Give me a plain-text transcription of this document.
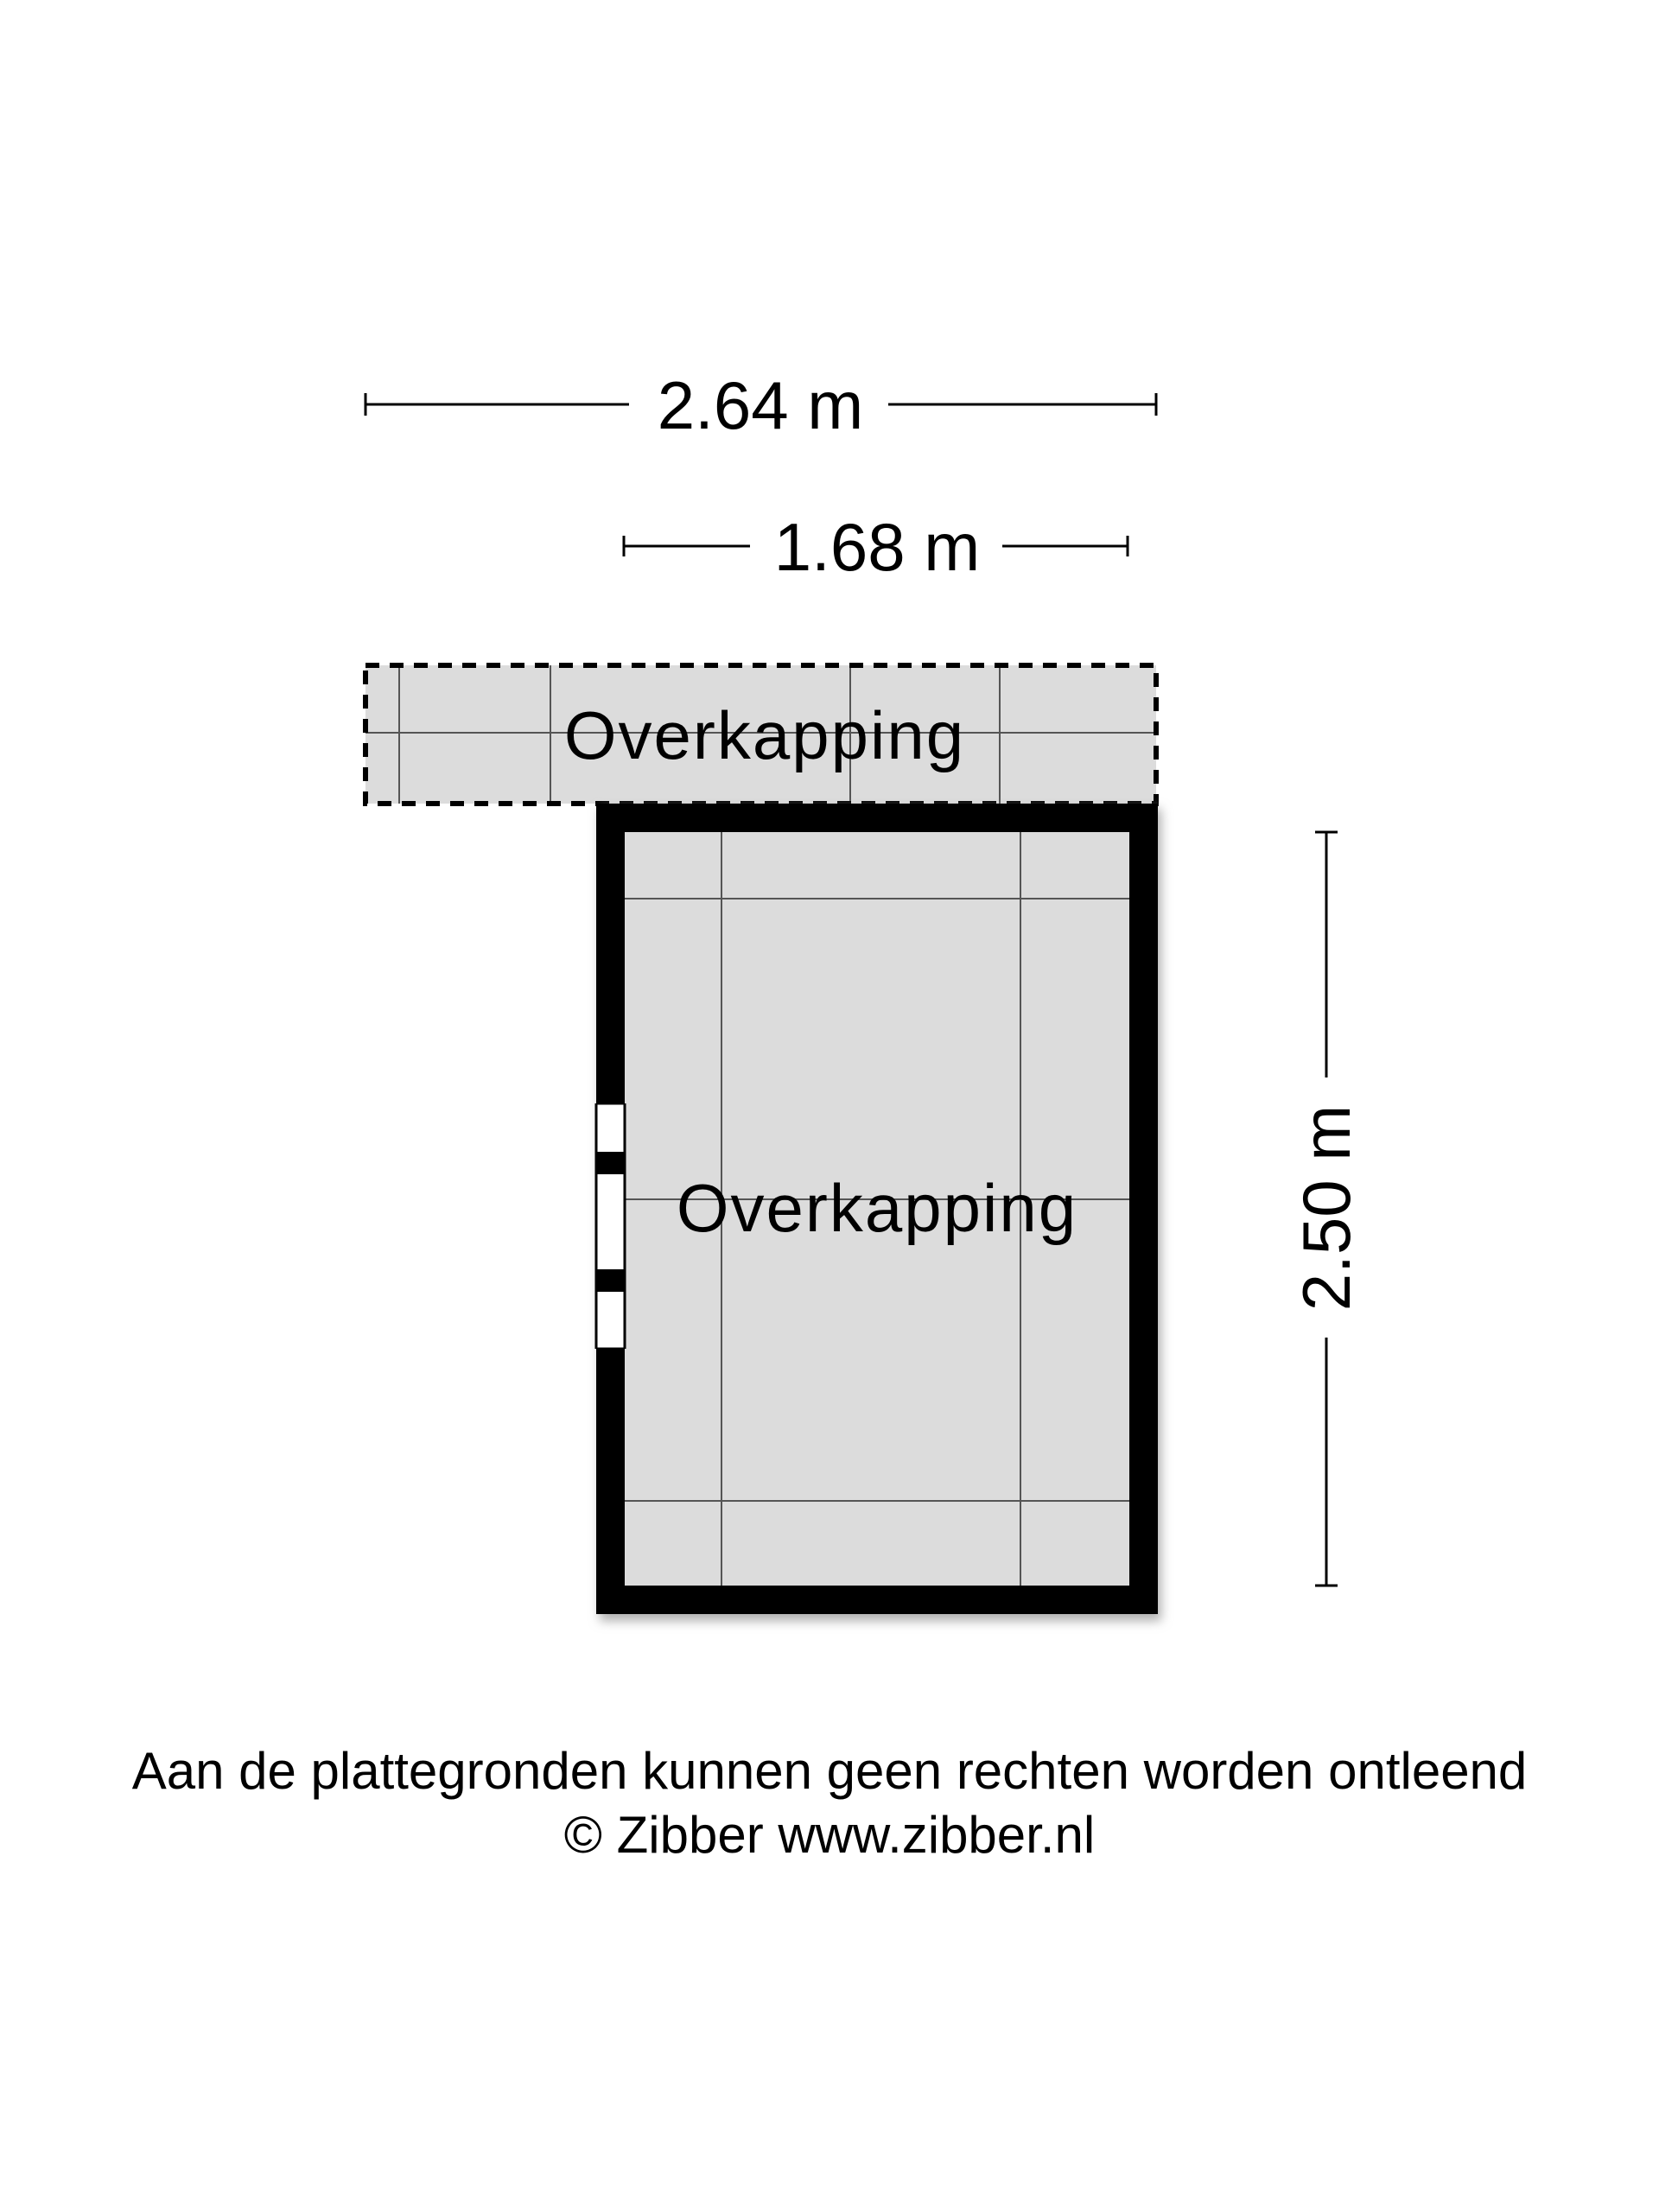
2.64 m
1.68 m
Overkapping
Overkapping	2.50 m
Aan de plattegronden kunnen geen rechten worden ontleend
© Zibber www.zibber.nl
